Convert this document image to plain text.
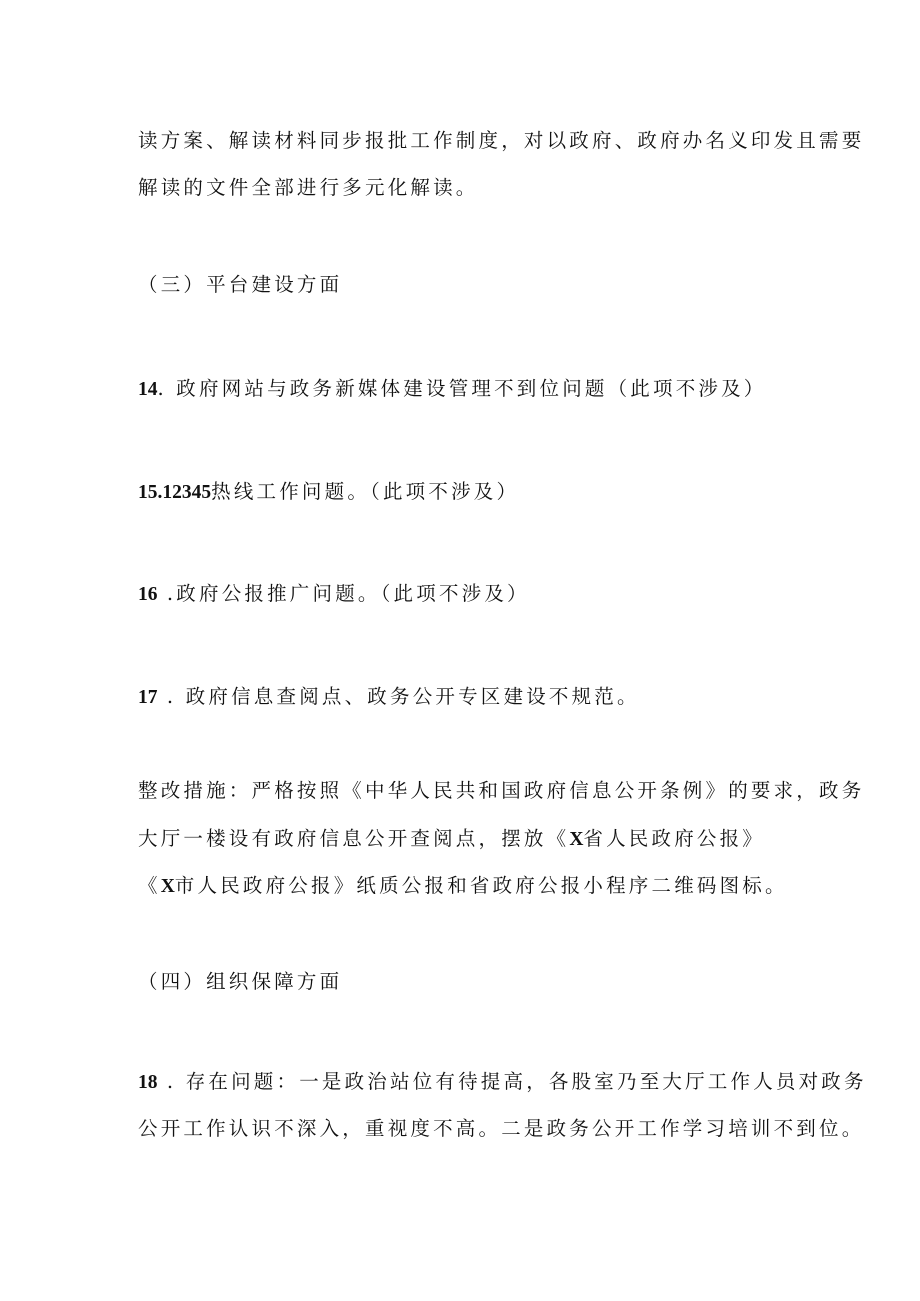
读方案、解读材料同步报批工作制度，对以政府、政府办名义印发且需要
解读的文件全部进行多元化解读。
（三）平台建设方面
14. 政府网站与政务新媒体建设管理不到位问题（此项不涉及）
15.12345热线工作问题。（此项不涉及）
16 .政府公报推广问题。（此项不涉及）
17 . 政府信息查阅点、政务公开专区建设不规范。
整改措施：严格按照《中华人民共和国政府信息公开条例》的要求，政务
大厅一楼设有政府信息公开查阅点，摆放《X省人民政府公报》
《X市人民政府公报》纸质公报和省政府公报小程序二维码图标。
（四）组织保障方面
18 . 存在问题：一是政治站位有待提高，各股室乃至大厅工作人员对政务
公开工作认识不深入，重视度不高。二是政务公开工作学习培训不到位。
